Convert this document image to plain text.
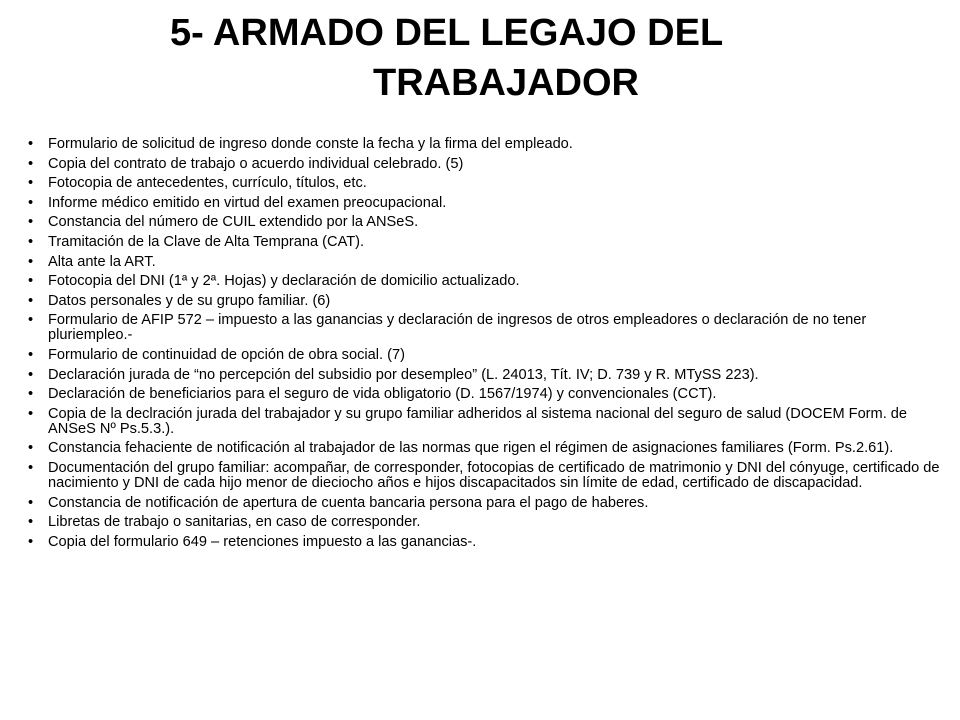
5- ARMADO DEL LEGAJO DEL
TRABAJADOR
• Formulario de solicitud de ingreso donde conste la fecha y la firma del empleado.
• Copia del contrato de trabajo o acuerdo individual celebrado. (5)
• Fotocopia de antecedentes, currículo, títulos, etc.
• Informe médico emitido en virtud del examen preocupacional.
• Constancia del número de CUIL extendido por la ANSeS.
• Tramitación de la Clave de Alta Temprana (CAT).
• Alta ante la ART.
• Fotocopia del DNI (1ª y 2ª. Hojas) y declaración de domicilio actualizado.
• Datos personales y de su grupo familiar. (6)
• Formulario de AFIP 572 – impuesto a las ganancias y declaración de ingresos de otros empleadores o declaración de no tener pluriempleo.-
• Formulario de continuidad de opción de obra social. (7)
• Declaración jurada de “no percepción del subsidio por desempleo” (L. 24013, Tít. IV; D. 739 y R. MTySS 223).
• Declaración de beneficiarios para el seguro de vida obligatorio (D. 1567/1974) y convencionales (CCT).
• Copia de la declración jurada del trabajador y su grupo familiar adheridos al sistema nacional del seguro de salud (DOCEM Form. de ANSeS Nº Ps.5.3.).
• Constancia fehaciente de notificación al trabajador de las normas que rigen el régimen de asignaciones familiares (Form. Ps.2.61).
• Documentación del grupo familiar: acompañar, de corresponder, fotocopias de certificado de matrimonio y DNI del cónyuge, certificado de nacimiento y DNI de cada hijo menor de dieciocho años e hijos discapacitados sin límite de edad, certificado de discapacidad.
• Constancia de notificación de apertura de cuenta bancaria persona para el pago de haberes.
• Libretas de trabajo o sanitarias, en caso de corresponder.
• Copia del formulario 649 – retenciones impuesto a las ganancias-.
